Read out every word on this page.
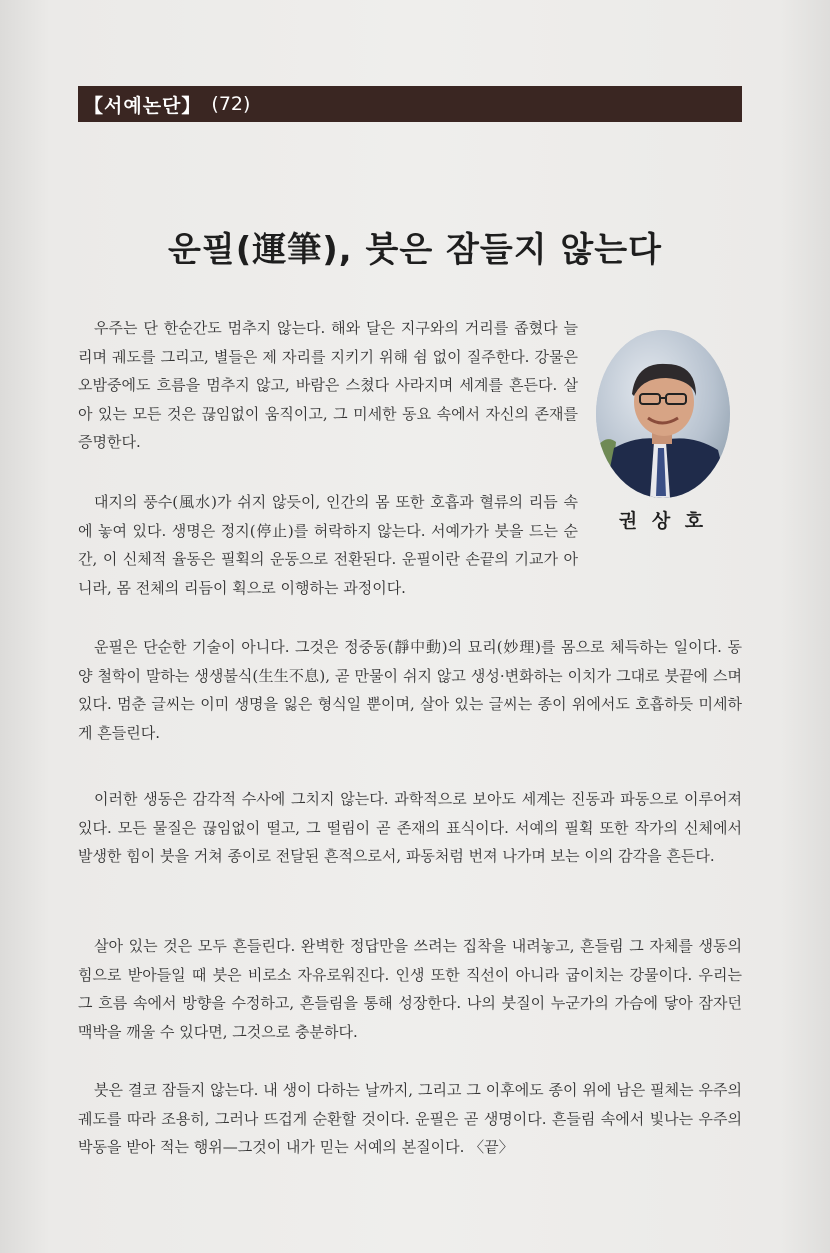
【서예논단】 (72)
운필(運筆), 붓은 잠들지 않는다
권 상 호

우주는 단 한순간도 멈추지 않는다. 해와 달은 지구와의 거리를 좁혔다 늘리며 궤도를 그리고, 별들은 제 자리를 지키기 위해 쉼 없이 질주한다. 강물은 오밤중에도 흐름을 멈추지 않고, 바람은 스쳤다 사라지며 세계를 흔든다. 살아 있는 모든 것은 끊임없이 움직이고, 그 미세한 동요 속에서 자신의 존재를 증명한다.

대지의 풍수(風水)가 쉬지 않듯이, 인간의 몸 또한 호흡과 혈류의 리듬 속에 놓여 있다. 생명은 정지(停止)를 허락하지 않는다. 서예가가 붓을 드는 순간, 이 신체적 율동은 필획의 운동으로 전환된다. 운필이란 손끝의 기교가 아니라, 몸 전체의 리듬이 획으로 이행하는 과정이다.

운필은 단순한 기술이 아니다. 그것은 정중동(靜中動)의 묘리(妙理)를 몸으로 체득하는 일이다. 동양 철학이 말하는 생생불식(生生不息), 곧 만물이 쉬지 않고 생성·변화하는 이치가 그대로 붓끝에 스며 있다. 멈춘 글씨는 이미 생명을 잃은 형식일 뿐이며, 살아 있는 글씨는 종이 위에서도 호흡하듯 미세하게 흔들린다.

이러한 생동은 감각적 수사에 그치지 않는다. 과학적으로 보아도 세계는 진동과 파동으로 이루어져 있다. 모든 물질은 끊임없이 떨고, 그 떨림이 곧 존재의 표식이다. 서예의 필획 또한 작가의 신체에서 발생한 힘이 붓을 거쳐 종이로 전달된 흔적으로서, 파동처럼 번져 나가며 보는 이의 감각을 흔든다.

살아 있는 것은 모두 흔들린다. 완벽한 정답만을 쓰려는 집착을 내려놓고, 흔들림 그 자체를 생동의 힘으로 받아들일 때 붓은 비로소 자유로워진다. 인생 또한 직선이 아니라 굽이치는 강물이다. 우리는 그 흐름 속에서 방향을 수정하고, 흔들림을 통해 성장한다. 나의 붓질이 누군가의 가슴에 닿아 잠자던 맥박을 깨울 수 있다면, 그것으로 충분하다.

붓은 결코 잠들지 않는다. 내 생이 다하는 날까지, 그리고 그 이후에도 종이 위에 남은 필체는 우주의 궤도를 따라 조용히, 그러나 뜨겁게 순환할 것이다. 운필은 곧 생명이다. 흔들림 속에서 빛나는 우주의 박동을 받아 적는 행위—그것이 내가 믿는 서예의 본질이다. 〈끝〉
